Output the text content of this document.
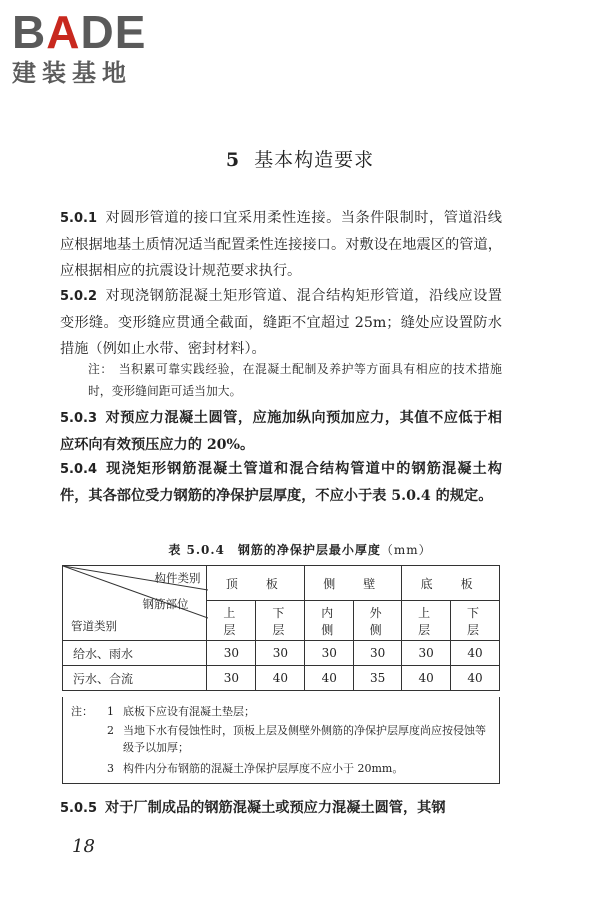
BADE
建装基地
5 基本构造要求
5.0.1 对圆形管道的接口宜采用柔性连接。当条件限制时，管道沿线应根据地基土质情况适当配置柔性连接接口。对敷设在地震区的管道，应根据相应的抗震设计规范要求执行。
5.0.2 对现浇钢筋混凝土矩形管道、混合结构矩形管道，沿线应设置变形缝。变形缝应贯通全截面，缝距不宜超过 25m；缝处应设置防水措施（例如止水带、密封材料）。
注： 当积累可靠实践经验，在混凝土配制及养护等方面具有相应的技术措施时，变形缝间距可适当加大。
5.0.3 对预应力混凝土圆管，应施加纵向预加应力，其值不应低于相应环向有效预压应力的 20%。
5.0.4 现浇矩形钢筋混凝土管道和混合结构管道中的钢筋混凝土构件，其各部位受力钢筋的净保护层厚度，不应小于表 5.0.4 的规定。
表 5.0.4　钢筋的净保护层最小厚度（mm）
构件类别
钢筋部位
管道类别	顶　板		侧　壁		底　板	
	上　层	下　层	内　侧	外　侧	上　层	下　层
给水、雨水	30	30	30	30	30	40
污水、合流	30	40	40	35	40	40
注： 1 底板下应设有混凝土垫层；
2 当地下水有侵蚀性时，顶板上层及侧壁外侧筋的净保护层厚度尚应按侵蚀等级予以加厚；
3 构件内分布钢筋的混凝土净保护层厚度不应小于 20mm。
5.0.5 对于厂制成品的钢筋混凝土或预应力混凝土圆管，其钢
18
